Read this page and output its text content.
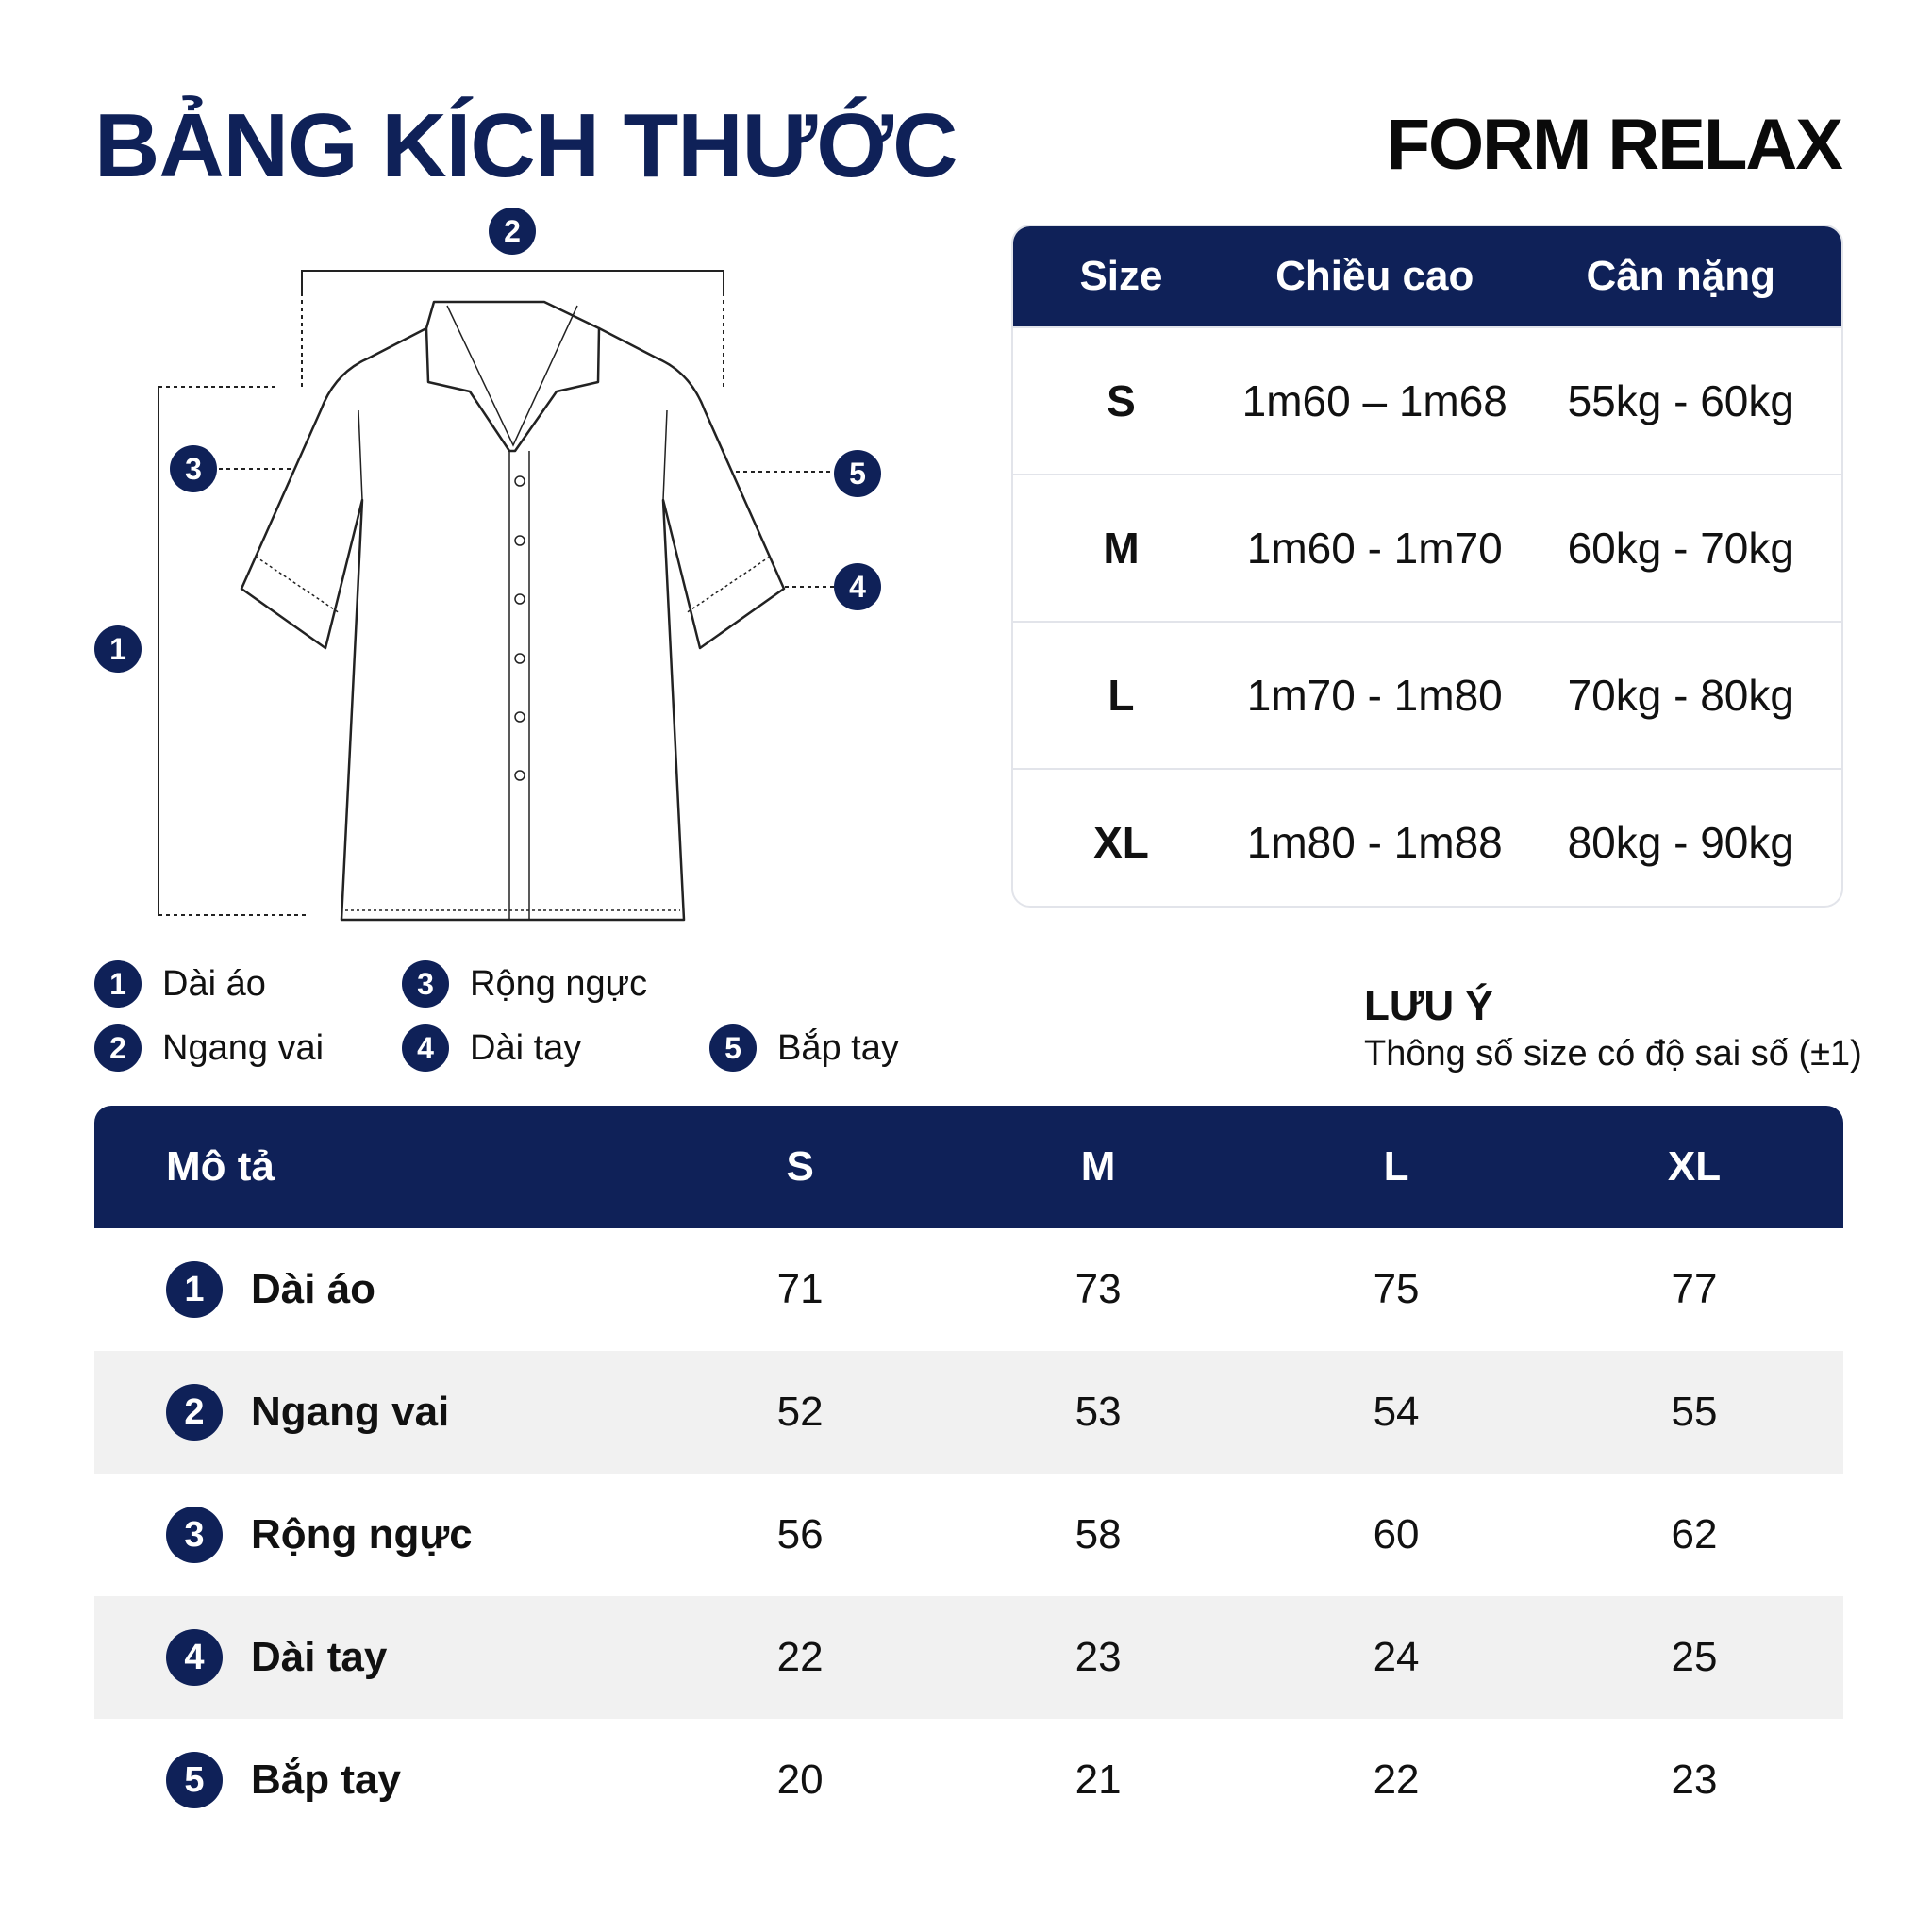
BẢNG KÍCH THƯỚC	FORM RELAX
2
3	5
4
1
1	Dài áo
2	Ngang vai
3	Rộng ngực
4	Dài tay	5	Bắp tay
Size	Chiều cao	Cân nặng
S	1m60 – 1m68	55kg - 60kg
M	1m60 - 1m70	60kg - 70kg
L	1m70 - 1m80	70kg - 80kg
XL	1m80 - 1m88	80kg - 90kg
LƯU Ý
Thông số size có độ sai số (±1)
Mô tả	S	M	L	XL
1	Dài áo	71	73	75	77
2	Ngang vai	52	53	54	55
3	Rộng ngực	56	58	60	62
4	Dài tay	22	23	24	25
5	Bắp tay	20	21	22	23
